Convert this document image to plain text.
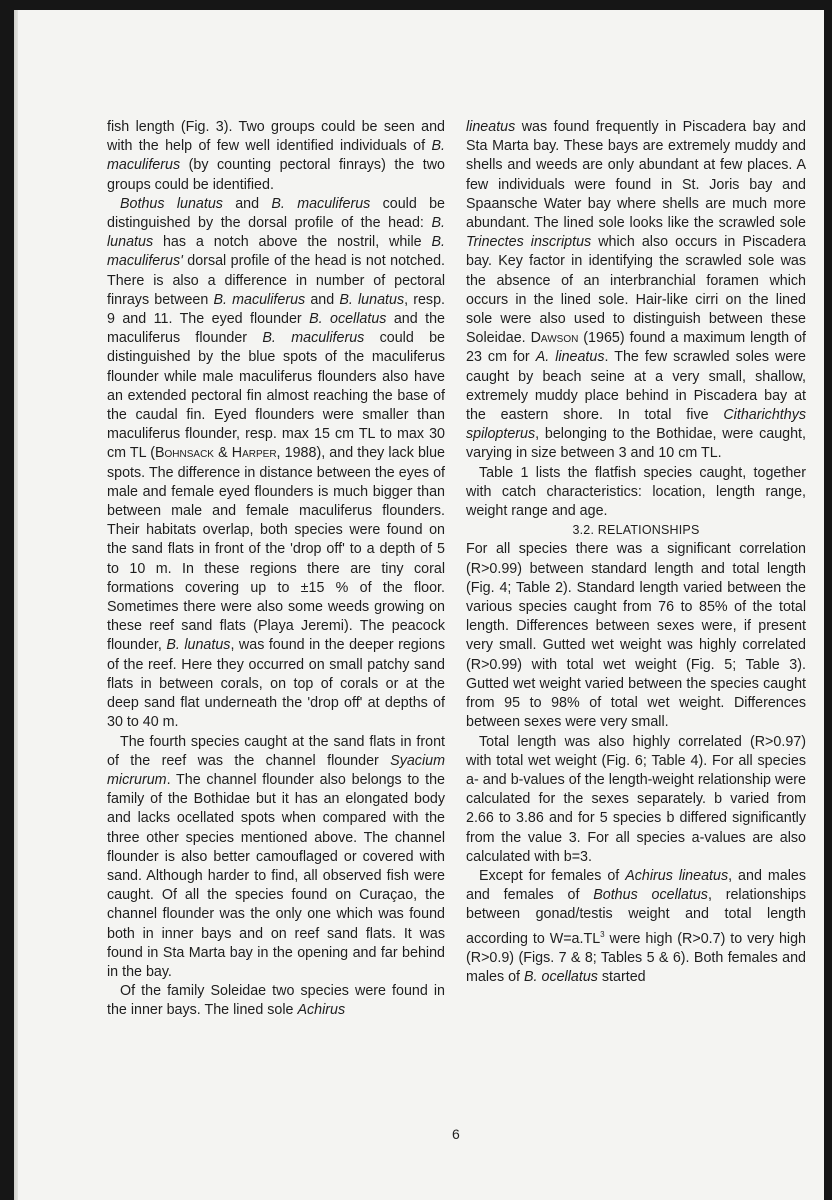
fish length (Fig. 3). Two groups could be seen and with the help of few well identified individuals of B. maculiferus (by counting pectoral finrays) the two groups could be identified.

Bothus lunatus and B. maculiferus could be distinguished by the dorsal profile of the head: B. lunatus has a notch above the nostril, while B. maculiferus' dorsal profile of the head is not notched. There is also a difference in number of pectoral finrays between B. maculiferus and B. lunatus, resp. 9 and 11. The eyed flounder B. ocellatus and the maculiferus flounder B. maculiferus could be distinguished by the blue spots of the maculiferus flounder while male maculiferus flounders also have an extended pectoral fin almost reaching the base of the caudal fin. Eyed flounders were smaller than maculiferus flounder, resp. max 15 cm TL to max 30 cm TL (Bohnsack & Harper, 1988), and they lack blue spots. The difference in distance between the eyes of male and female eyed flounders is much bigger than between male and female maculiferus flounders. Their habitats overlap, both species were found on the sand flats in front of the 'drop off' to a depth of 5 to 10 m. In these regions there are tiny coral formations covering up to ±15 % of the floor. Sometimes there were also some weeds growing on these reef sand flats (Playa Jeremi). The peacock flounder, B. lunatus, was found in the deeper regions of the reef. Here they occurred on small patchy sand flats in between corals, on top of corals or at the deep sand flat underneath the 'drop off' at depths of 30 to 40 m.

The fourth species caught at the sand flats in front of the reef was the channel flounder Syacium micrurum. The channel flounder also belongs to the family of the Bothidae but it has an elongated body and lacks ocellated spots when compared with the three other species mentioned above. The channel flounder is also better camouflaged or covered with sand. Although harder to find, all observed fish were caught. Of all the species found on Curaçao, the channel flounder was the only one which was found both in inner bays and on reef sand flats. It was found in Sta Marta bay in the opening and far behind in the bay.

Of the family Soleidae two species were found in the inner bays. The lined sole Achirus

lineatus was found frequently in Piscadera bay and Sta Marta bay. These bays are extremely muddy and shells and weeds are only abundant at few places. A few individuals were found in St. Joris bay and Spaansche Water bay where shells are much more abundant. The lined sole looks like the scrawled sole Trinectes inscriptus which also occurs in Piscadera bay. Key factor in identifying the scrawled sole was the absence of an interbranchial foramen which occurs in the lined sole. Hair-like cirri on the lined sole were also used to distinguish between these Soleidae. Dawson (1965) found a maximum length of 23 cm for A. lineatus. The few scrawled soles were caught by beach seine at a very small, shallow, extremely muddy place behind in Piscadera bay at the eastern shore. In total five Citharichthys spilopterus, belonging to the Bothidae, were caught, varying in size between 3 and 10 cm TL.

Table 1 lists the flatfish species caught, together with catch characteristics: location, length range, weight range and age.

3.2. RELATIONSHIPS

For all species there was a significant correlation (R>0.99) between standard length and total length (Fig. 4; Table 2). Standard length varied between the various species caught from 76 to 85% of the total length. Differences between sexes were, if present very small. Gutted wet weight was highly correlated (R>0.99) with total wet weight (Fig. 5; Table 3). Gutted wet weight varied between the species caught from 95 to 98% of total wet weight. Differences between sexes were very small.

Total length was also highly correlated (R>0.97) with total wet weight (Fig. 6; Table 4). For all species a- and b-values of the length-weight relationship were calculated for the sexes separately. b varied from 2.66 to 3.86 and for 5 species b differed significantly from the value 3. For all species a-values are also calculated with b=3.

Except for females of Achirus lineatus, and males and females of Bothus ocellatus, relationships between gonad/testis weight and total length according to $W=a.TL^3$ were high (R>0.7) to very high (R>0.9) (Figs. 7 & 8; Tables 5 & 6). Both females and males of B. ocellatus started

6
